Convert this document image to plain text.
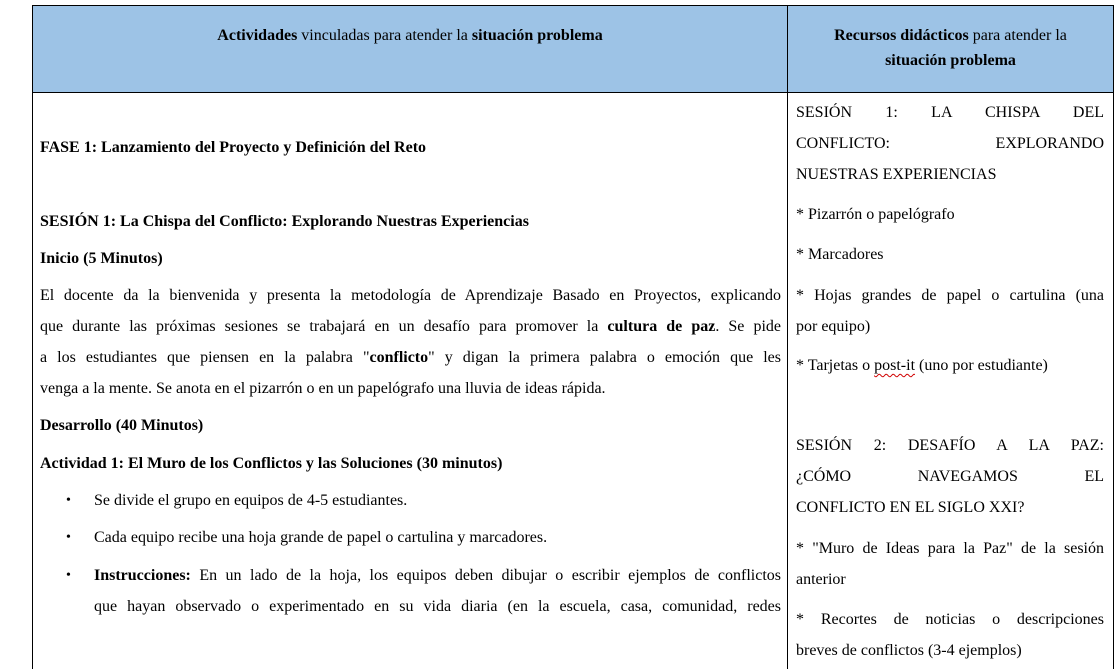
Actividades vinculadas para atender la situación problema	Recursos didácticos para atender la
situación problema
FASE 1: Lanzamiento del Proyecto y Definición del Reto
SESIÓN 1: La Chispa del Conflicto: Explorando Nuestras Experiencias
Inicio (5 Minutos)
El docente da la bienvenida y presenta la metodología de Aprendizaje Basado en Proyectos, explicando
que durante las próximas sesiones se trabajará en un desafío para promover la cultura de paz. Se pide
a los estudiantes que piensen en la palabra "conflicto" y digan la primera palabra o emoción que les
venga a la mente. Se anota en el pizarrón o en un papelógrafo una lluvia de ideas rápida.
Desarrollo (40 Minutos)
Actividad 1: El Muro de los Conflictos y las Soluciones (30 minutos)
• Se divide el grupo en equipos de 4-5 estudiantes.
• Cada equipo recibe una hoja grande de papel o cartulina y marcadores.
• Instrucciones: En un lado de la hoja, los equipos deben dibujar o escribir ejemplos de conflictos
que hayan observado o experimentado en su vida diaria (en la escuela, casa, comunidad, redes
SESIÓN 1: LA CHISPA DEL
CONFLICTO: EXPLORANDO
NUESTRAS EXPERIENCIAS
* Pizarrón o papelógrafo
* Marcadores
* Hojas grandes de papel o cartulina (una
por equipo)
* Tarjetas o post-it (uno por estudiante)
SESIÓN 2: DESAFÍO A LA PAZ:
¿CÓMO NAVEGAMOS EL
CONFLICTO EN EL SIGLO XXI?
* "Muro de Ideas para la Paz" de la sesión
anterior
* Recortes de noticias o descripciones
breves de conflictos (3-4 ejemplos)
